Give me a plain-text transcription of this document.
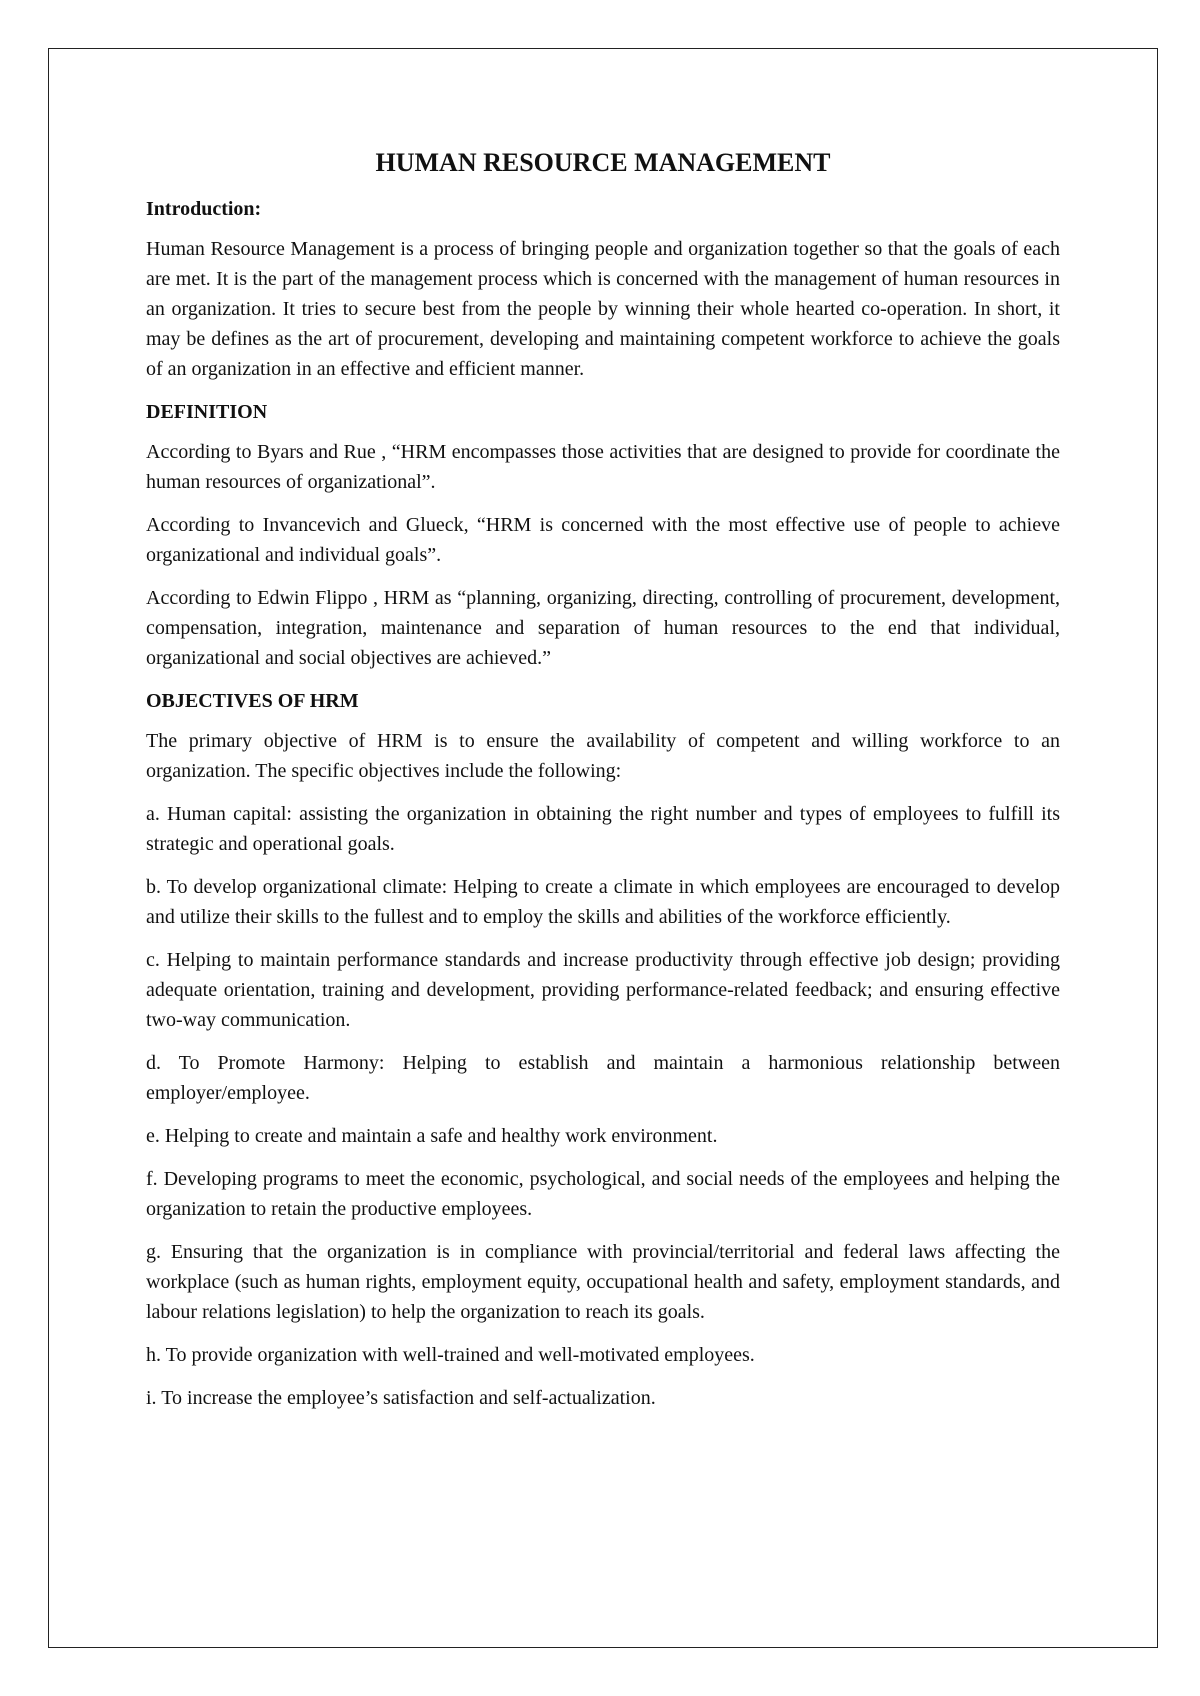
HUMAN RESOURCE MANAGEMENT
Introduction:

Human Resource Management is a process of bringing people and organization together so that the goals of each are met. It is the part of the management process which is concerned with the management of human resources in an organization. It tries to secure best from the people by winning their whole hearted co-operation. In short, it may be defines as the art of procurement, developing and maintaining competent workforce to achieve the goals of an organization in an effective and efficient manner.

DEFINITION

According to Byars and Rue , “HRM encompasses those activities that are designed to provide for coordinate the human resources of organizational”.

According to Invancevich and Glueck, “HRM is concerned with the most effective use of people to achieve organizational and individual goals”.

According to Edwin Flippo , HRM as “planning, organizing, directing, controlling of procurement, development, compensation, integration, maintenance and separation of human resources to the end that individual, organizational and social objectives are achieved.”

OBJECTIVES OF HRM

The primary objective of HRM is to ensure the availability of competent and willing workforce to an organization. The specific objectives include the following:

a. Human capital: assisting the organization in obtaining the right number and types of employees to fulfill its strategic and operational goals.

b. To develop organizational climate: Helping to create a climate in which employees are encouraged to develop and utilize their skills to the fullest and to employ the skills and abilities of the workforce efficiently.

c. Helping to maintain performance standards and increase productivity through effective job design; providing adequate orientation, training and development, providing performance-related feedback; and ensuring effective two-way communication.

d. To Promote Harmony: Helping to establish and maintain a harmonious relationship between employer/employee.

e. Helping to create and maintain a safe and healthy work environment.

f. Developing programs to meet the economic, psychological, and social needs of the employees and helping the organization to retain the productive employees.

g. Ensuring that the organization is in compliance with provincial/territorial and federal laws affecting the workplace (such as human rights, employment equity, occupational health and safety, employment standards, and labour relations legislation) to help the organization to reach its goals.

h. To provide organization with well-trained and well-motivated employees.

i. To increase the employee’s satisfaction and self-actualization.
